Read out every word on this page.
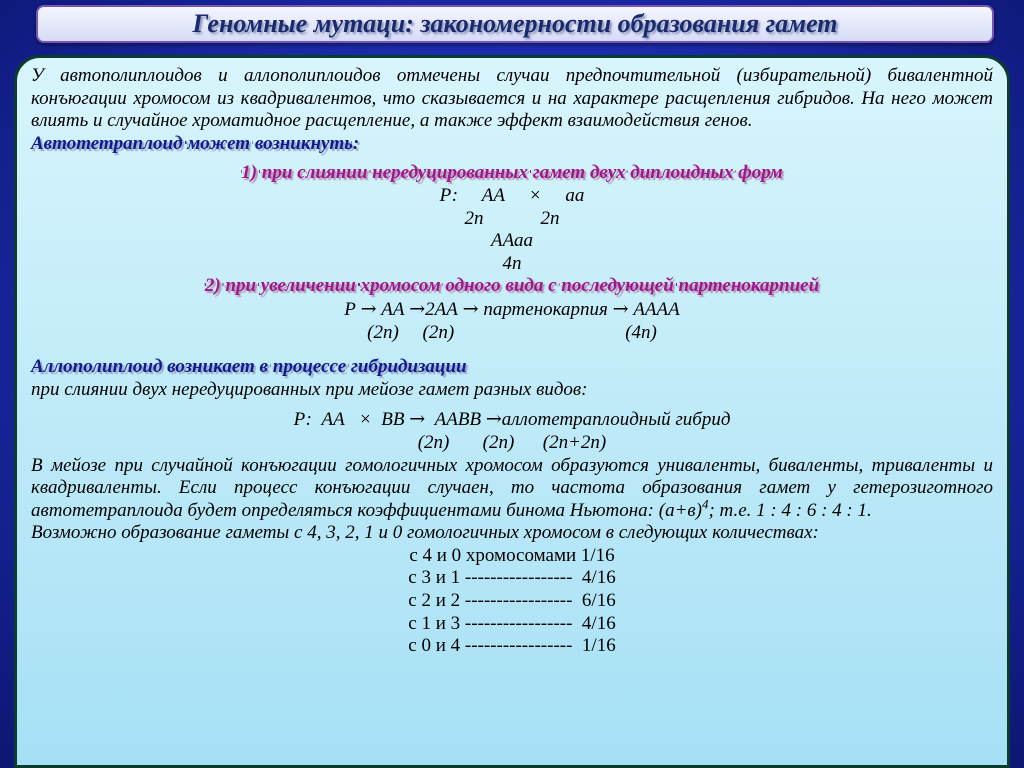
Геномные мутаци: закономерности образования гамет

У автополиплоидов и аллополиплоидов отмечены случаи предпочтительной (избирательной) бивалентной конъюгации хромосом из квадривалентов, что сказывается и на характере расщепления гибридов. На него может влиять и случайное хроматидное расщепление, а также эффект взаимодействия генов.

Автотетраплоид может возникнуть:

1) при слиянии нередуцированных гамет двух диплоидных форм

Р:     АА     ×     аа

2n            2n

ААаа

4n

2) при увеличении хромосом одного вида с последующей партенокарпией

Р → АА →2АА → партенокарпия → АААА

(2n)     (2n)                                    (4n)

Аллополиплоид возникает в процессе гибридизации

при слиянии двух нередуцированных при мейозе гамет разных видов:

Р:  АА   ×  ВВ →  ААВВ →аллотетраплоидный гибрид

(2n)       (2n)      (2n+2n)

В мейозе при случайной конъюгации гомологичных хромосом образуются униваленты, биваленты, триваленты и квадриваленты. Если процесс конъюгации случаен, то частота образования гамет у гетерозиготного автотетраплоида будет определяться коэффициентами бинома Ньютона: $(а+в)^4$; т.е. 1 : 4 : 6 : 4 : 1.

Возможно образование гаметы с 4, 3, 2, 1 и 0 гомологичных хромосом в следующих количествах:

с 4 и 0 хромосомами 1/16

с 3 и 1 -----------------  4/16

с 2 и 2 -----------------  6/16

с 1 и 3 -----------------  4/16

с 0 и 4 -----------------  1/16
